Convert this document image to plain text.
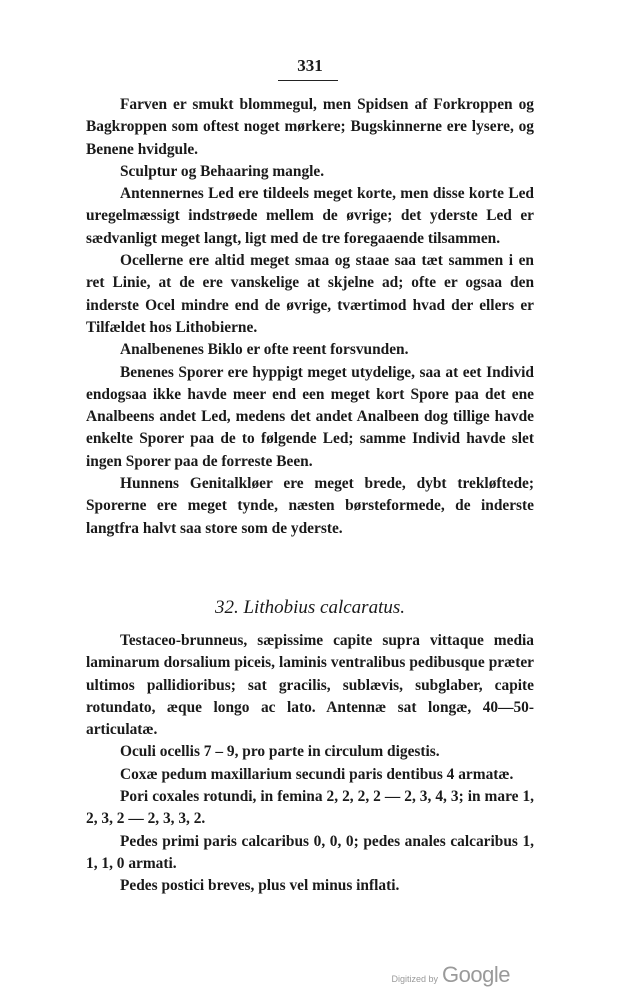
331

Farven er smukt blommegul, men Spidsen af Forkroppen og Bagkroppen som oftest noget mørkere; Bugskinnerne ere lysere, og Benene hvidgule.

Sculptur og Behaaring mangle.

Antennernes Led ere tildeels meget korte, men disse korte Led uregelmæssigt indstrøede mellem de øvrige; det yderste Led er sædvanligt meget langt, ligt med de tre foregaaende tilsammen.

Ocellerne ere altid meget smaa og staae saa tæt sammen i en ret Linie, at de ere vanskelige at skjelne ad; ofte er ogsaa den inderste Ocel mindre end de øvrige, tværtimod hvad der ellers er Tilfældet hos Lithobierne.

Analbenenes Biklo er ofte reent forsvunden.

Benenes Sporer ere hyppigt meget utydelige, saa at eet Individ endogsaa ikke havde meer end een meget kort Spore paa det ene Analbeens andet Led, medens det andet Analbeen dog tillige havde enkelte Sporer paa de to følgende Led; samme Individ havde slet ingen Sporer paa de forreste Been.

Hunnens Genitalkløer ere meget brede, dybt trekløftede; Sporerne ere meget tynde, næsten børsteformede, de inderste langtfra halvt saa store som de yderste.

32. Lithobius calcaratus.

Testaceo-brunneus, sæpissime capite supra vittaque media laminarum dorsalium piceis, laminis ventralibus pedibusque præter ultimos pallidioribus; sat gracilis, sublævis, subglaber, capite rotundato, æque longo ac lato. Antennæ sat longæ, 40—50-articulatæ.

Oculi ocellis 7 – 9, pro parte in circulum digestis.

Coxæ pedum maxillarium secundi paris dentibus 4 armatæ.

Pori coxales rotundi, in femina 2, 2, 2, 2 — 2, 3, 4, 3; in mare 1, 2, 3, 2 — 2, 3, 3, 2.

Pedes primi paris calcaribus 0, 0, 0; pedes anales calcaribus 1, 1, 1, 0 armati.

Pedes postici breves, plus vel minus inflati.

Digitized by Google
